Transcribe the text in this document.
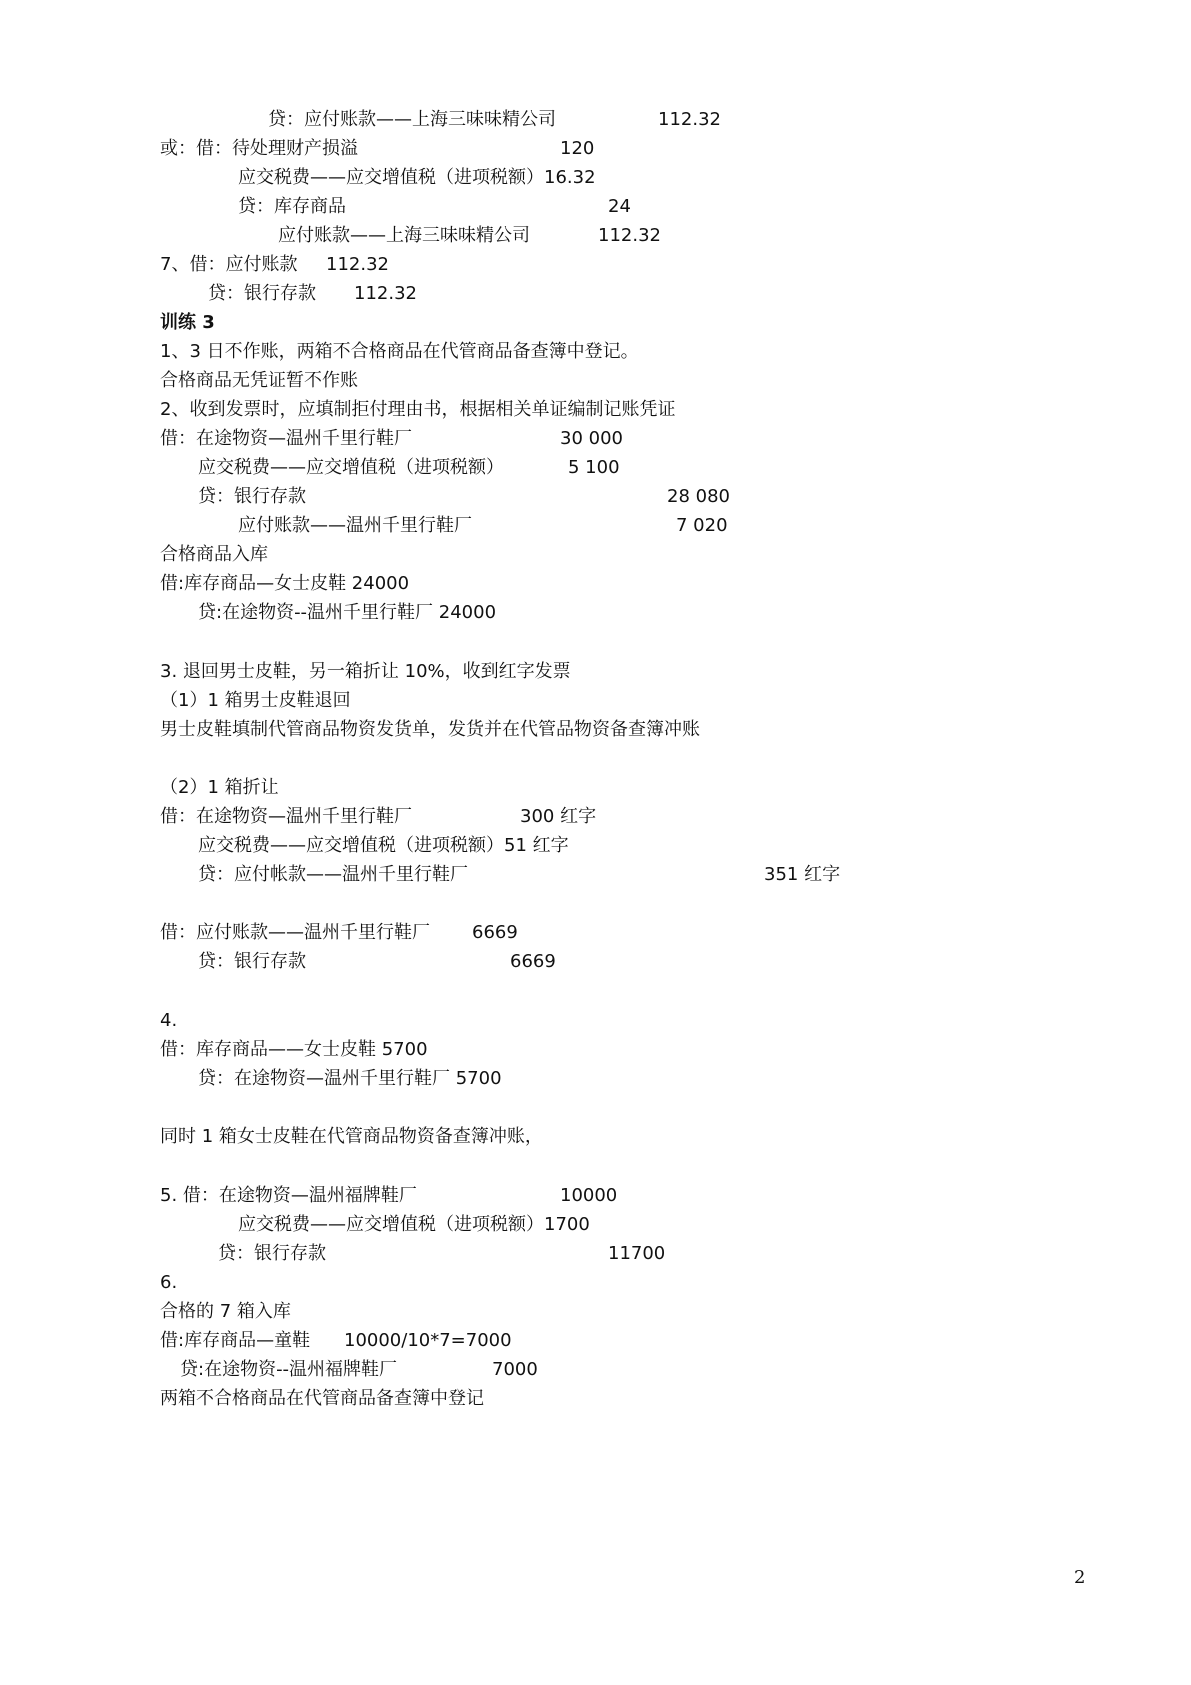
贷：应付账款——上海三味味精公司	112.32
或：借：待处理财产损溢	120
应交税费——应交增值税（进项税额）16.32
贷：库存商品	24
应付账款——上海三味味精公司	112.32
7、借：应付账款 112.32
贷：银行存款 112.32
训练 3
1、3 日不作账，两箱不合格商品在代管商品备查簿中登记。
合格商品无凭证暂不作账
2、收到发票时，应填制拒付理由书，根据相关单证编制记账凭证
借：在途物资—温州千里行鞋厂	30 000
应交税费——应交增值税（进项税额）	5 100
贷：银行存款	28 080
应付账款——温州千里行鞋厂	7 020
合格商品入库
借:库存商品—女士皮鞋 24000
贷:在途物资--温州千里行鞋厂 24000
3. 退回男士皮鞋，另一箱折让 10%，收到红字发票
（1）1 箱男士皮鞋退回
男士皮鞋填制代管商品物资发货单，发货并在代管品物资备查簿冲账
（2）1 箱折让
借：在途物资—温州千里行鞋厂	300 红字
应交税费——应交增值税（进项税额）51 红字
贷：应付帐款——温州千里行鞋厂	351 红字
借：应付账款——温州千里行鞋厂 6669
贷：银行存款	6669
4.
借：库存商品——女士皮鞋 5700
贷：在途物资—温州千里行鞋厂 5700
同时 1 箱女士皮鞋在代管商品物资备查簿冲账，
5. 借：在途物资—温州福牌鞋厂	10000
应交税费——应交增值税（进项税额）1700
贷：银行存款	11700
6.
合格的 7 箱入库
借:库存商品—童鞋 10000/10*7=7000
贷:在途物资--温州福牌鞋厂	7000
两箱不合格商品在代管商品备查簿中登记
2
